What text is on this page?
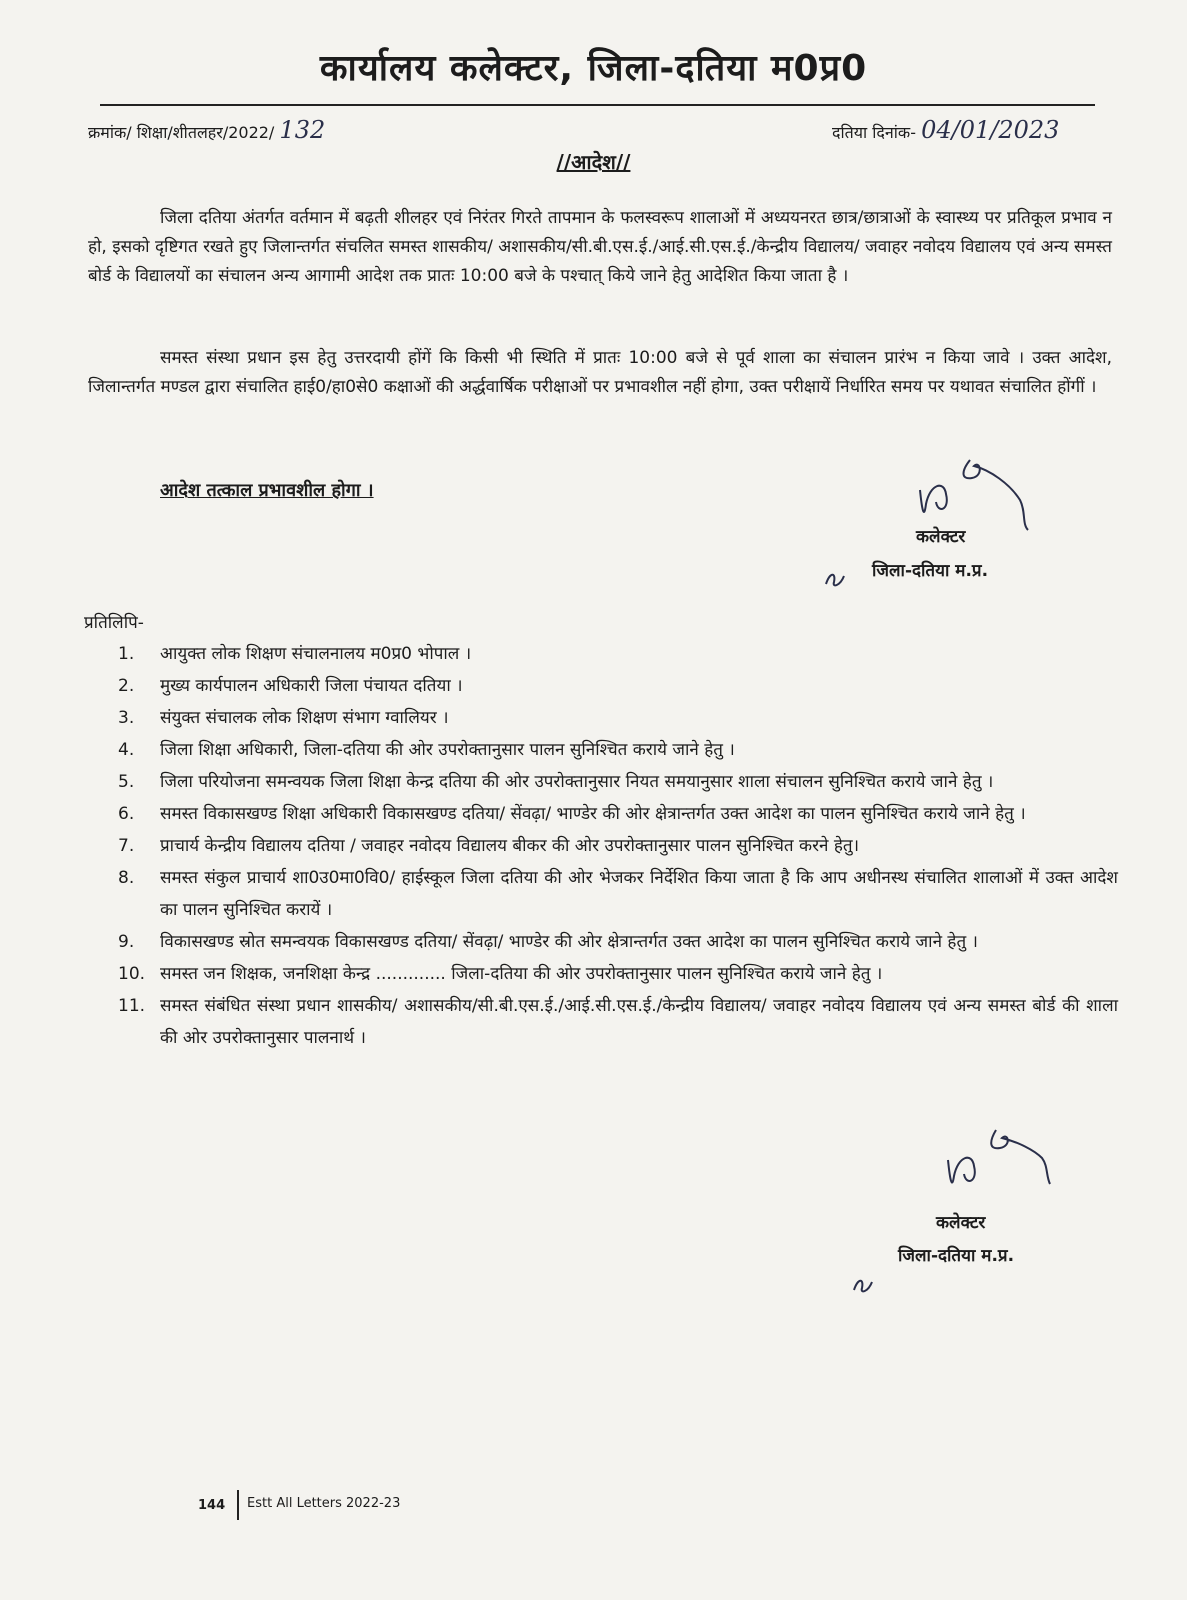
कार्यालय कलेक्टर, जिला-दतिया म0प्र0
क्रमांक/ शिक्षा/शीतलहर/2022/ 132	दतिया दिनांक- 04/01/2023
//आदेश//

जिला दतिया अंतर्गत वर्तमान में बढ़ती शीलहर एवं निरंतर गिरते तापमान के फलस्वरूप शालाओं में अध्ययनरत छात्र/छात्राओं के स्वास्थ्य पर प्रतिकूल प्रभाव न हो, इसको दृष्टिगत रखते हुए जिलान्तर्गत संचलित समस्त शासकीय/ अशासकीय/सी.बी.एस.ई./आई.सी.एस.ई./केन्द्रीय विद्यालय/ जवाहर नवोदय विद्यालय एवं अन्य समस्त बोर्ड के विद्यालयों का संचालन अन्य आगामी आदेश तक प्रातः 10:00 बजे के पश्चात् किये जाने हेतु आदेशित किया जाता है ।

समस्त संस्था प्रधान इस हेतु उत्तरदायी होंगें कि किसी भी स्थिति में प्रातः 10:00 बजे से पूर्व शाला का संचालन प्रारंभ न किया जावे । उक्त आदेश, जिलान्तर्गत मण्डल द्वारा संचालित हाई0/हा0से0 कक्षाओं की अर्द्धवार्षिक परीक्षाओं पर प्रभावशील नहीं होगा, उक्त परीक्षायें निर्धारित समय पर यथावत संचालित होंगीं ।

आदेश तत्काल प्रभावशील होगा ।
कलेक्टर
जिला-दतिया म.प्र.
प्रतिलिपि-
1. आयुक्त लोक शिक्षण संचालनालय म0प्र0 भोपाल ।
2. मुख्य कार्यपालन अधिकारी जिला पंचायत दतिया ।
3. संयुक्त संचालक लोक शिक्षण संभाग ग्वालियर ।
4. जिला शिक्षा अधिकारी, जिला-दतिया की ओर उपरोक्तानुसार पालन सुनिश्चित कराये जाने हेतु ।
5. जिला परियोजना समन्वयक जिला शिक्षा केन्द्र दतिया की ओर उपरोक्तानुसार नियत समयानुसार शाला संचालन सुनिश्चित कराये जाने हेतु ।
6. समस्त विकासखण्ड शिक्षा अधिकारी विकासखण्ड दतिया/ सेंवढ़ा/ भाण्डेर की ओर क्षेत्रान्तर्गत उक्त आदेश का पालन सुनिश्चित कराये जाने हेतु ।
7. प्राचार्य केन्द्रीय विद्यालय दतिया / जवाहर नवोदय विद्यालय बीकर की ओर उपरोक्तानुसार पालन सुनिश्चित करने हेतु।
8. समस्त संकुल प्राचार्य शा0उ0मा0वि0/ हाईस्कूल जिला दतिया की ओर भेजकर निर्देशित किया जाता है कि आप अधीनस्थ संचालित शालाओं में उक्त आदेश का पालन सुनिश्चित करायें ।
9. विकासखण्ड स्रोत समन्वयक विकासखण्ड दतिया/ सेंवढ़ा/ भाण्डेर की ओर क्षेत्रान्तर्गत उक्त आदेश का पालन सुनिश्चित कराये जाने हेतु ।
10. समस्त जन शिक्षक, जनशिक्षा केन्द्र ............. जिला-दतिया की ओर उपरोक्तानुसार पालन सुनिश्चित कराये जाने हेतु ।
11. समस्त संबंधित संस्था प्रधान शासकीय/ अशासकीय/सी.बी.एस.ई./आई.सी.एस.ई./केन्द्रीय विद्यालय/ जवाहर नवोदय विद्यालय एवं अन्य समस्त बोर्ड की शाला की ओर उपरोक्तानुसार पालनार्थ ।
कलेक्टर
जिला-दतिया म.प्र.
144 Estt All Letters 2022-23
